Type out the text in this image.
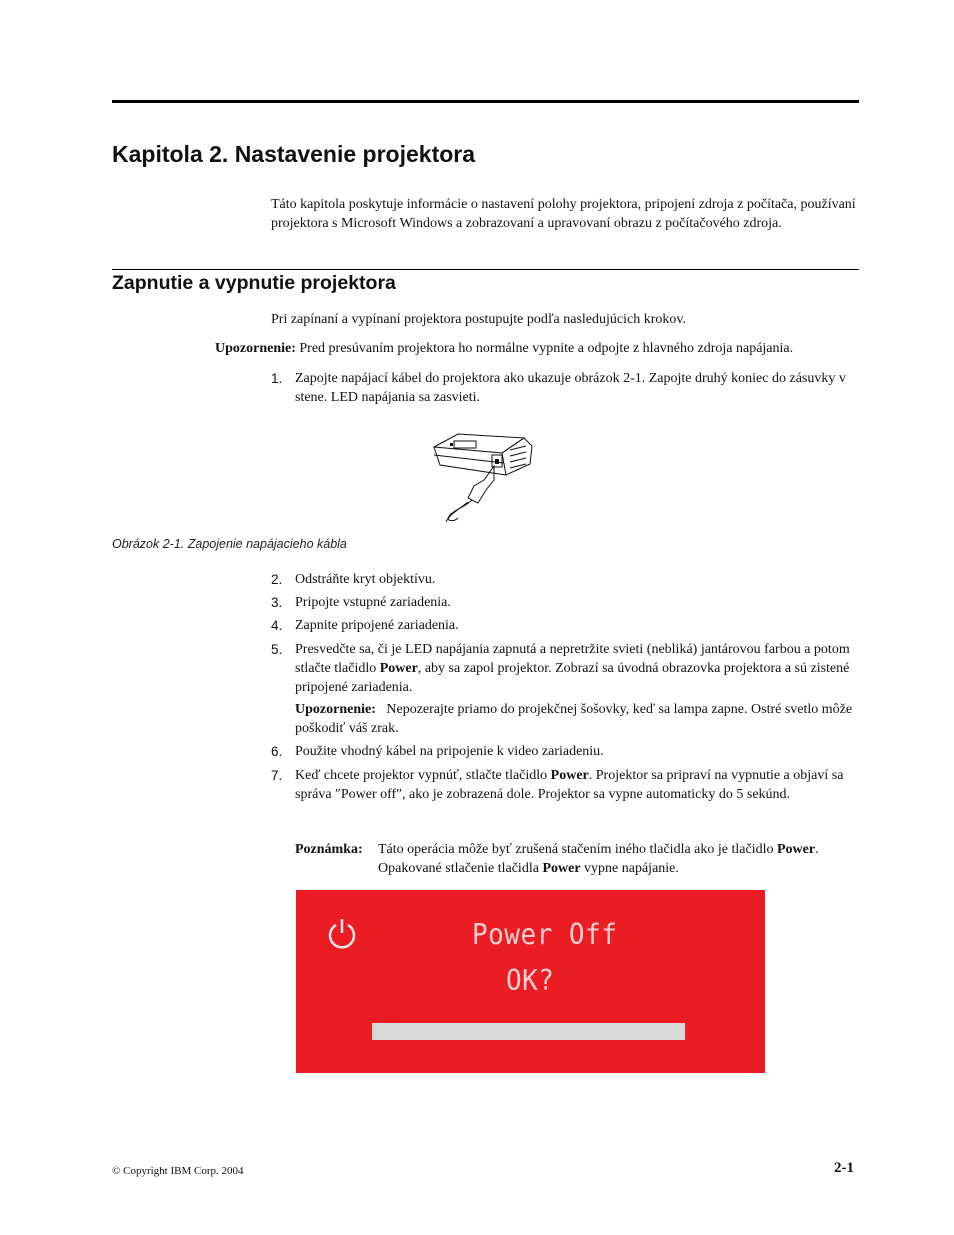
Kapitola 2. Nastavenie projektora
Táto kapitola poskytuje informácie o nastavení polohy projektora, pripojení zdroja z počítača, používaní projektora s Microsoft Windows a zobrazovaní a upravovaní obrazu z počítačového zdroja.
Zapnutie a vypnutie projektora
Pri zapínaní a vypínaní projektora postupujte podľa nasledujúcich krokov.
Upozornenie: Pred presúvaním projektora ho normálne vypnite a odpojte z hlavného zdroja napájania.
1. Zapojte napájací kábel do projektora ako ukazuje obrázok 2-1. Zapojte druhý koniec do zásuvky v stene. LED napájania sa zasvieti.
Obrázok 2-1. Zapojenie napájacieho kábla
2. Odstráňte kryt objektívu.
3. Pripojte vstupné zariadenia.
4. Zapnite pripojené zariadenia.
5. Presvedčte sa, či je LED napájania zapnutá a nepretržite svieti (nebliká) jantárovou farbou a potom stlačte tlačidlo Power, aby sa zapol projektor. Zobrazí sa úvodná obrazovka projektora a sú zistené pripojené zariadenia.
Upozornenie:   Nepozerajte priamo do projekčnej šošovky, keď sa lampa zapne. Ostré svetlo môže poškodiť váš zrak.
6. Použite vhodný kábel na pripojenie k video zariadeniu.
7. Keď chcete projektor vypnúť, stlačte tlačidlo Power. Projektor sa pripraví na vypnutie a objaví sa správa ″Power off″, ako je zobrazená dole. Projektor sa vypne automaticky do 5 sekúnd.
Poznámka: Táto operácia môže byť zrušená stačením iného tlačidla ako je tlačidlo Power. Opakované stlačenie tlačidla Power vypne napájanie.
Power Off
OK?
© Copyright IBM Corp. 2004	2-1
